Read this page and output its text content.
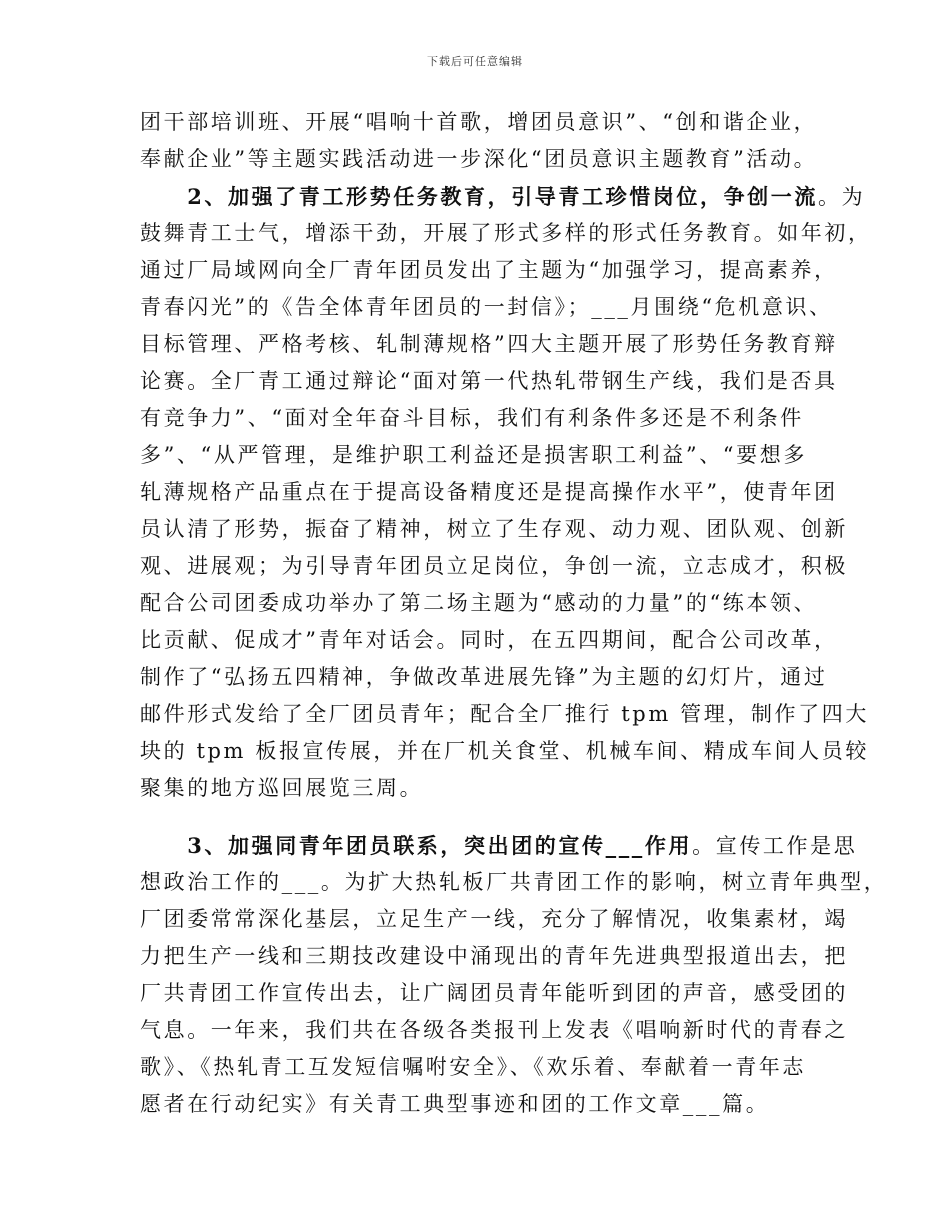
下载后可任意编辑
团干部培训班、开展“唱响十首歌，增团员意识”、“创和谐企业，
奉献企业”等主题实践活动进一步深化“团员意识主题教育”活动。
　　2、加强了青工形势任务教育，引导青工珍惜岗位，争创一流。为
鼓舞青工士气，增添干劲，开展了形式多样的形式任务教育。如年初，
通过厂局域网向全厂青年团员发出了主题为“加强学习，提高素养，
青春闪光”的《告全体青年团员的一封信》；___月围绕“危机意识、
目标管理、严格考核、轧制薄规格”四大主题开展了形势任务教育辩
论赛。全厂青工通过辩论“面对第一代热轧带钢生产线，我们是否具
有竞争力”、“面对全年奋斗目标，我们有利条件多还是不利条件
多”、“从严管理，是维护职工利益还是损害职工利益”、“要想多
轧薄规格产品重点在于提高设备精度还是提高操作水平”，使青年团
员认清了形势，振奋了精神，树立了生存观、动力观、团队观、创新
观、进展观；为引导青年团员立足岗位，争创一流，立志成才，积极
配合公司团委成功举办了第二场主题为“感动的力量”的“练本领、
比贡献、促成才”青年对话会。同时，在五四期间，配合公司改革，
制作了“弘扬五四精神，争做改革进展先锋”为主题的幻灯片，通过
邮件形式发给了全厂团员青年；配合全厂推行 tpm 管理，制作了四大
块的 tpm 板报宣传展，并在厂机关食堂、机械车间、精成车间人员较
聚集的地方巡回展览三周。
　　3、加强同青年团员联系，突出团的宣传___作用。宣传工作是思
想政治工作的___。为扩大热轧板厂共青团工作的影响，树立青年典型，
厂团委常常深化基层，立足生产一线，充分了解情况，收集素材，竭
力把生产一线和三期技改建设中涌现出的青年先进典型报道出去，把
厂共青团工作宣传出去，让广阔团员青年能听到团的声音，感受团的
气息。一年来，我们共在各级各类报刊上发表《唱响新时代的青春之
歌》、《热轧青工互发短信嘱咐安全》、《欢乐着、奉献着一青年志
愿者在行动纪实》有关青工典型事迹和团的工作文章___篇。
